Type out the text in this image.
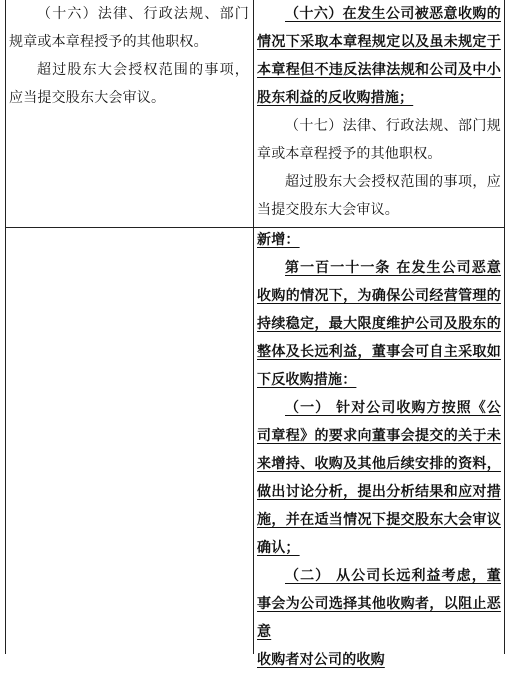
（十六）法律、行政法规、部门规章或本章程授予的其他职权。

超过股东大会授权范围的事项，应当提交股东大会审议。

（十六）在发生公司被恶意收购的情况下采取本章程规定以及虽未规定于本章程但不违反法律法规和公司及中小股东利益的反收购措施；

（十七）法律、行政法规、部门规章或本章程授予的其他职权。

超过股东大会授权范围的事项，应当提交股东大会审议。

新增：

第一百一十一条 在发生公司恶意收购的情况下，为确保公司经营管理的持续稳定，最大限度维护公司及股东的整体及长远利益，董事会可自主采取如下反收购措施：

（一） 针对公司收购方按照《公司章程》的要求向董事会提交的关于未来增持、收购及其他后续安排的资料，做出讨论分析，提出分析结果和应对措施，并在适当情况下提交股东大会审议确认；

（二） 从公司长远利益考虑，董事会为公司选择其他收购者，以阻止恶意

收购者对公司的收购
